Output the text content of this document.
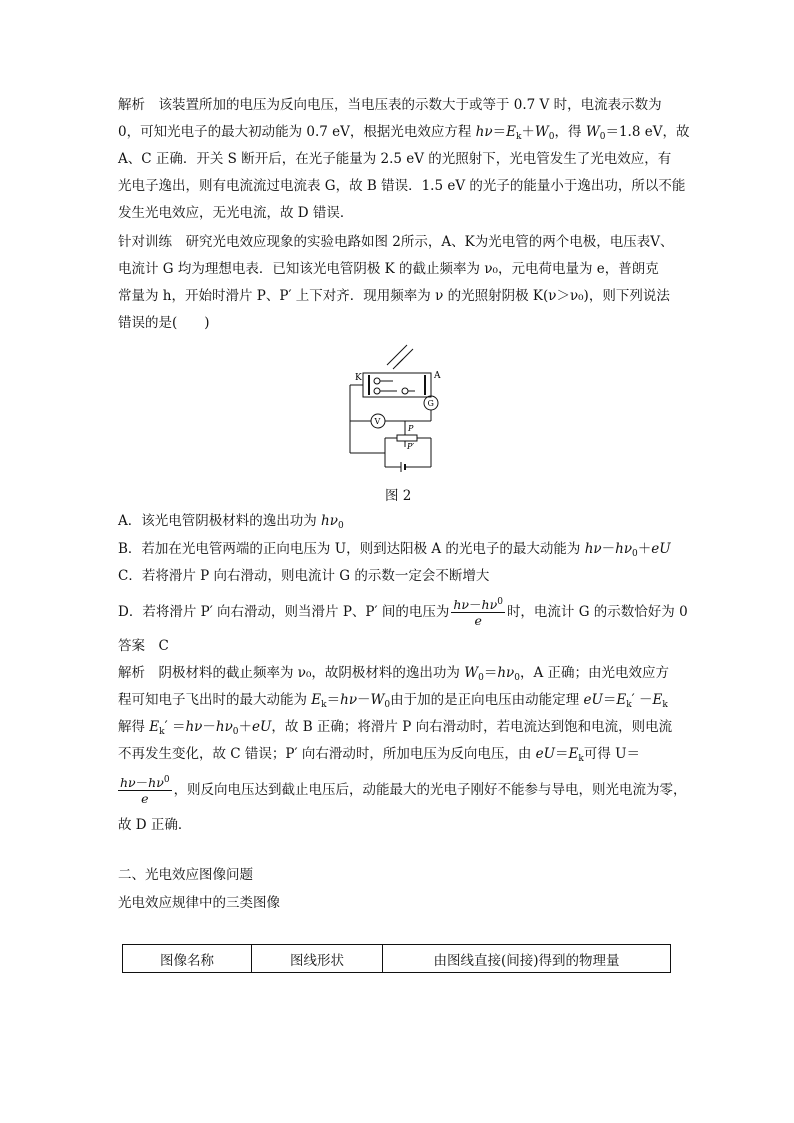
解析　 该装置所加的电压为反向电压，当电压表的示数大于或等于 0.7 V 时，电流表示数为
0，可知光电子的最大初动能为 0.7 eV，根据光电效应方程 $h\nu=E_k+W_0$，得 $W_0=1.8$ eV，故
A、C 正确．开关 S 断开后，在光子能量为 2.5 eV 的光照射下，光电管发生了光电效应，有
光电子逸出，则有电流流过电流表 G，故 B 错误．1.5 eV 的光子的能量小于逸出功，所以不能
发生光电效应，无光电流，故 D 错误．
针对训练　 研究光电效应现象的实验电路如图 2所示，A、K为光电管的两个电极，电压表V、
电流计 G 均为理想电表．已知该光电管阴极 K 的截止频率为 ν₀，元电荷电量为 e，普朗克
常量为 h，开始时滑片 P、P′ 上下对齐．现用频率为 ν 的光照射阴极 K(ν＞ν₀)，则下列说法
错误的是(　　)
K	A
G
V
P
P′
图 2
A．该光电管阴极材料的逸出功为 $h\nu_0$
B．若加在光电管两端的正向电压为 U，则到达阳极 A 的光电子的最大动能为 $h\nu-h\nu_0+eU$
C．若将滑片 P 向右滑动，则电流计 G 的示数一定会不断增大
D．若将滑片 P′ 向右滑动，则当滑片 P、P′ 间的电压为 $\frac{h\nu-h\nu^0}{e}$ 时，电流计 G 的示数恰好为 0
答案　 C
解析　 阴极材料的截止频率为 ν₀，故阴极材料的逸出功为 $W_0=h\nu_0$，A 正确；由光电效应方
程可知电子飞出时的最大动能为 $E_k=h\nu-W_0$由于加的是正向电压由动能定理 $eU=E_k' -E_k$
解得 $E_k' =h\nu-h\nu_0+eU$，故 B 正确；将滑片 P 向右滑动时，若电流达到饱和电流，则电流
不再发生变化，故 C 错误；P′ 向右滑动时，所加电压为反向电压，由 $eU=E_k$可得 U＝
$\frac{h\nu-h\nu^0}{e}$ ，则反向电压达到截止电压后，动能最大的光电子刚好不能参与导电，则光电流为零，
故 D 正确．
二、光电效应图像问题
光电效应规律中的三类图像
图像名称	图线形状	由图线直接(间接)得到的物理量
